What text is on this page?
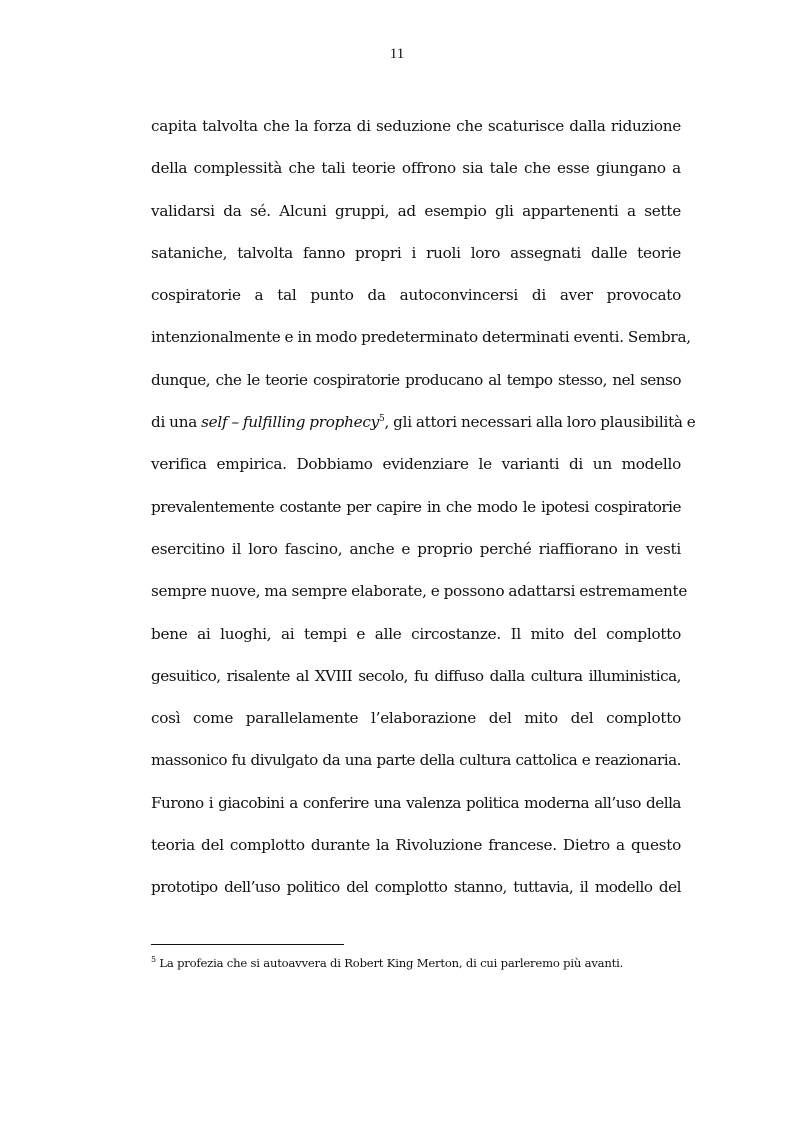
11
capita talvolta che la forza di seduzione che scaturisce dalla riduzione
della complessità che tali teorie offrono sia tale che esse giungano a
validarsi da sé. Alcuni gruppi, ad esempio gli appartenenti a sette
sataniche, talvolta fanno propri i ruoli loro assegnati dalle teorie
cospiratorie a tal punto da autoconvincersi di aver provocato
intenzionalmente e in modo predeterminato determinati eventi. Sembra,
dunque, che le teorie cospiratorie producano al tempo stesso, nel senso
di una self – fulfilling prophecy$^5$, gli attori necessari alla loro plausibilità e
verifica empirica. Dobbiamo evidenziare le varianti di un modello
prevalentemente costante per capire in che modo le ipotesi cospiratorie
esercitino il loro fascino, anche e proprio perché riaffiorano in vesti
sempre nuove, ma sempre elaborate, e possono adattarsi estremamente
bene ai luoghi, ai tempi e alle circostanze. Il mito del complotto
gesuitico, risalente al XVIII secolo, fu diffuso dalla cultura illuministica,
così come parallelamente l’elaborazione del mito del complotto
massonico fu divulgato da una parte della cultura cattolica e reazionaria.
Furono i giacobini a conferire una valenza politica moderna all’uso della
teoria del complotto durante la Rivoluzione francese. Dietro a questo
prototipo dell’uso politico del complotto stanno, tuttavia, il modello del
$^5$ La profezia che si autoavvera di Robert King Merton, di cui parleremo più avanti.
